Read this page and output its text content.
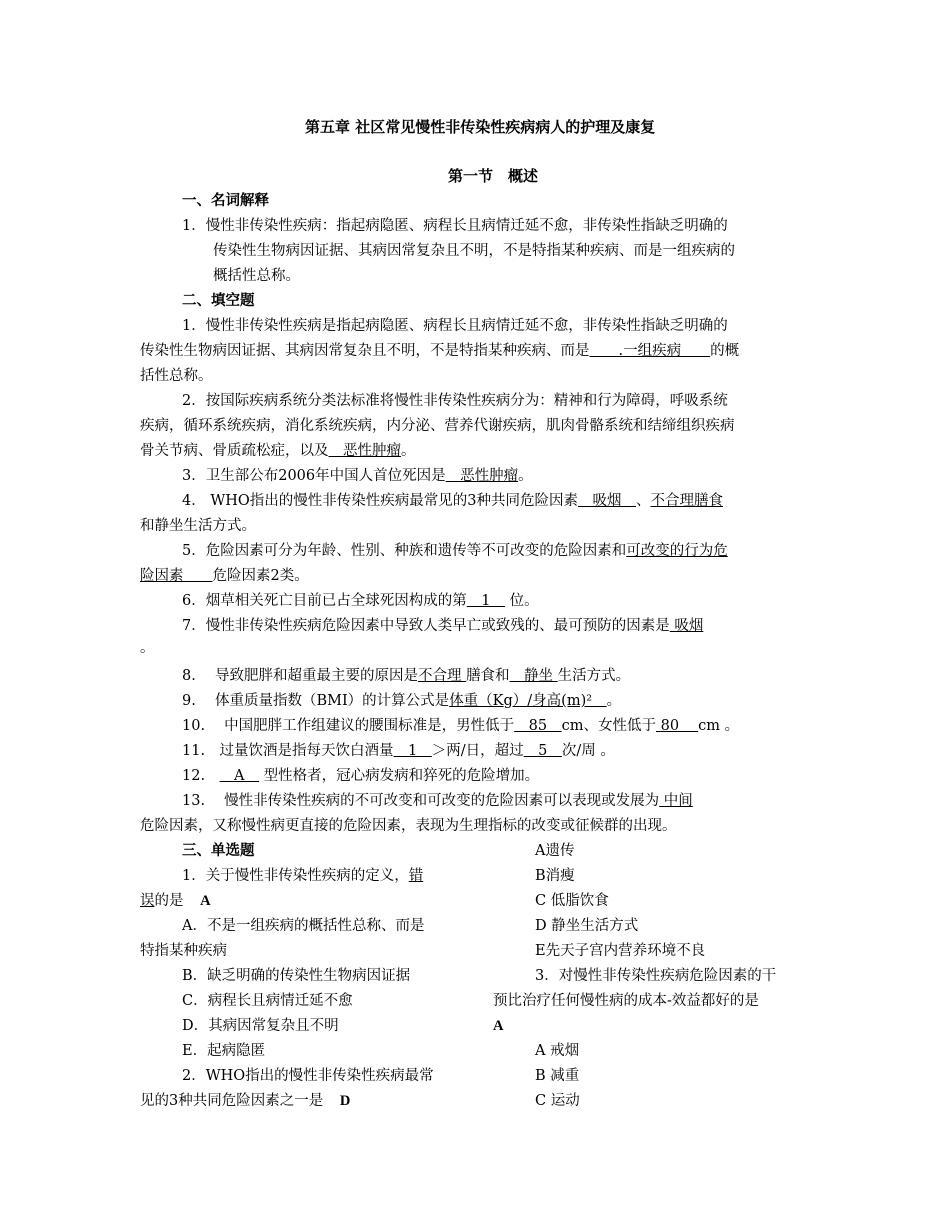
第五章 社区常见慢性非传染性疾病病人的护理及康复
第一节　概述
一、名词解释
1．慢性非传染性疾病：指起病隐匿、病程长且病情迁延不愈，非传染性指缺乏明确的
传染性生物病因证据、其病因常复杂且不明，不是特指某种疾病、而是一组疾病的
概括性总称。
二、填空题
1．慢性非传染性疾病是指起病隐匿、病程长且病情迁延不愈，非传染性指缺乏明确的
传染性生物病因证据、其病因常复杂且不明，不是特指某种疾病、而是　　.一组疾病　　的概
括性总称。
2．按国际疾病系统分类法标准将慢性非传染性疾病分为：精神和行为障碍，呼吸系统
疾病，循环系统疾病，消化系统疾病，内分泌、营养代谢疾病，肌肉骨骼系统和结缔组织疾病
骨关节病、骨质疏松症，以及　恶性肿瘤。
3．卫生部公布2006年中国人首位死因是　恶性肿瘤。
4． WHO指出的慢性非传染性疾病最常见的3种共同危险因素　吸烟　、不合理膳食
和静坐生活方式。
5．危险因素可分为年龄、性别、种族和遗传等不可改变的危险因素和可改变的行为危
险因素　　危险因素2类。
6．烟草相关死亡目前已占全球死因构成的第　1　 位。
7．慢性非传染性疾病危险因素中导致人类早亡或致残的、最可预防的因素是 吸烟
。
8.　 导致肥胖和超重最主要的原因是不合理 膳食和　静坐 生活方式。
9.　 体重质量指数（BMI）的计算公式是体重（Kg）/身高(m)²　。
10.　 中国肥胖工作组建议的腰围标准是，男性低于　85　cm、女性低于 80　 cm 。
11.　过量饮酒是指每天饮白酒量　1　＞两/日，超过　5　次/周 。
12.　　A　 型性格者，冠心病发病和猝死的危险增加。
13.　 慢性非传染性疾病的不可改变和可改变的危险因素可以表现或发展为 中间
危险因素，又称慢性病更直接的危险因素，表现为生理指标的改变或征候群的出现。
三、单选题
1．关于慢性非传染性疾病的定义，错
误的是 A
A．不是一组疾病的概括性总称、而是
特指某种疾病
B．缺乏明确的传染性生物病因证据
C．病程长且病情迁延不愈
D．其病因常复杂且不明
E．起病隐匿
2．WHO指出的慢性非传染性疾病最常
见的3种共同危险因素之一是 D
A遗传
B消瘦
C 低脂饮食
D 静坐生活方式
E先天子宫内营养环境不良
3．对慢性非传染性疾病危险因素的干
预比治疗任何慢性病的成本-效益都好的是
A
A 戒烟
B 减重
C 运动
